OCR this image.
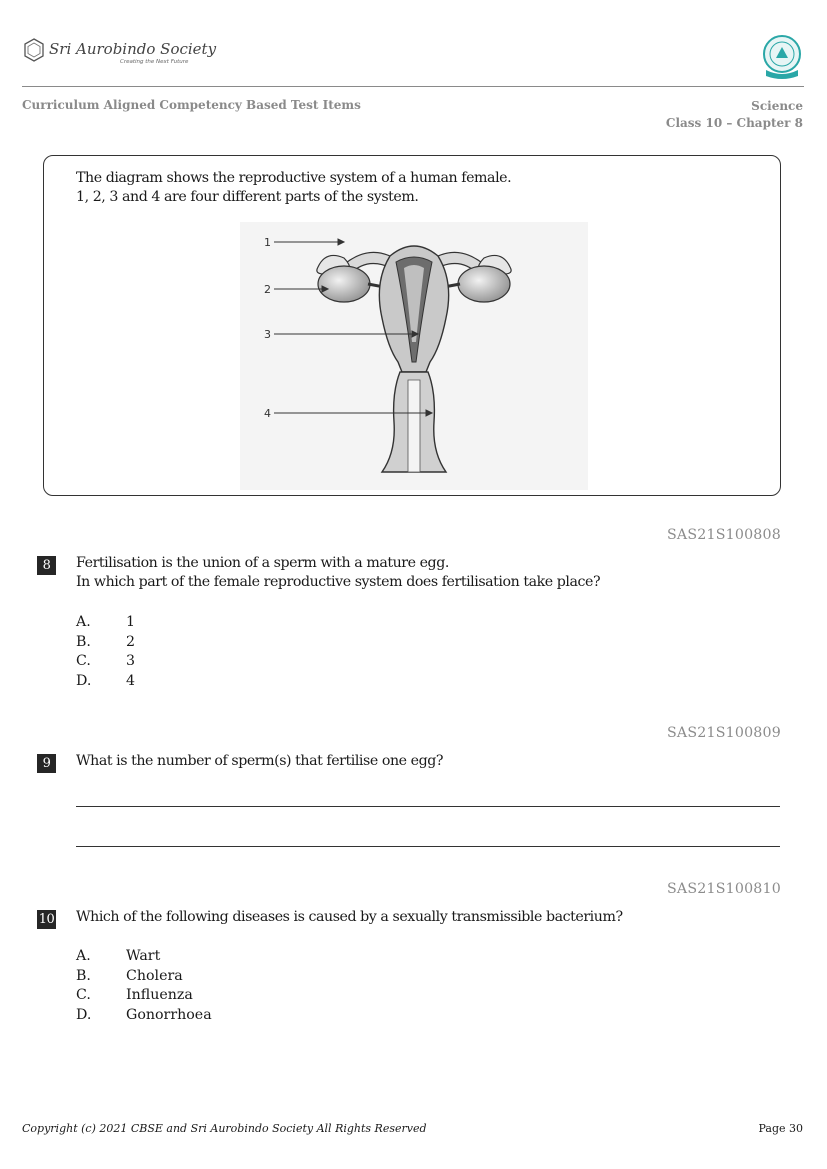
Sri Aurobindo Society
Creating the Next Future
Curriculum Aligned Competency Based Test Items	Science
Class 10 – Chapter 8
The diagram shows the reproductive system of a human female.
1, 2, 3 and 4 are four different parts of the system.
1
2
3
4
SAS21S100808
8	Fertilisation is the union of a sperm with a mature egg.
In which part of the female reproductive system does fertilisation take place?
A.	1
B.	2
C.	3
D.	4
SAS21S100809
9	What is the number of sperm(s) that fertilise one egg?
SAS21S100810
10 Which of the following diseases is caused by a sexually transmissible bacterium?
A.	Wart
B.	Cholera
C.	Influenza
D.	Gonorrhoea
Copyright (c) 2021 CBSE and Sri Aurobindo Society All Rights Reserved	Page 30
